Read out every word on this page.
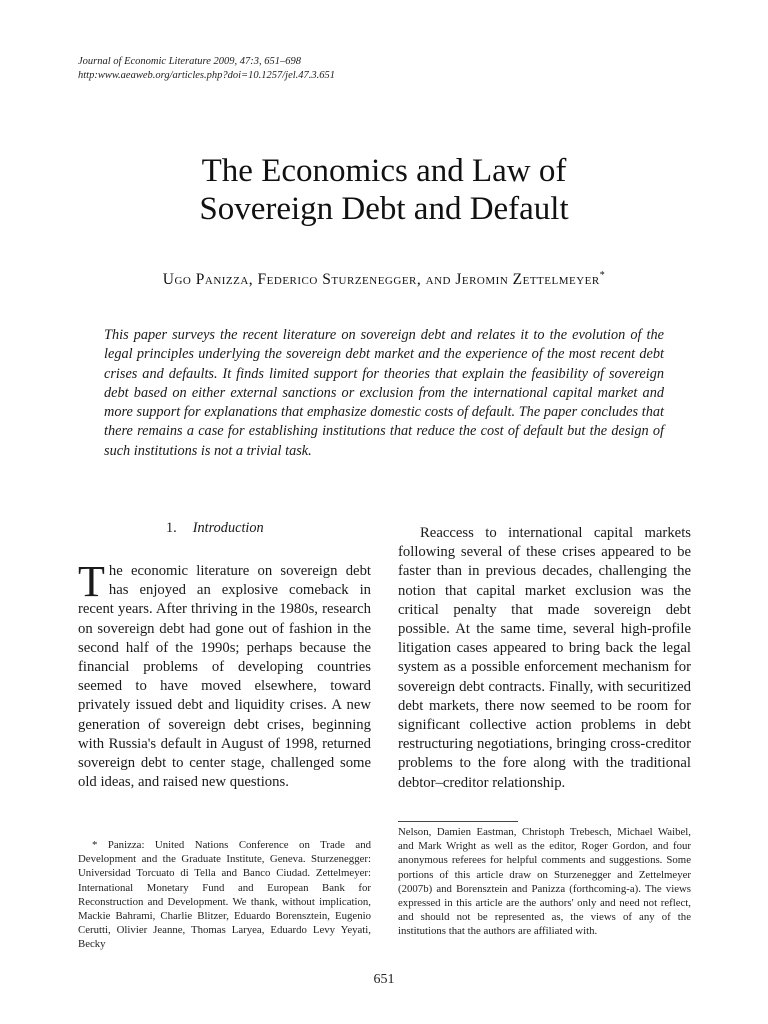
Journal of Economic Literature 2009, 47:3, 651–698
http:www.aeaweb.org/articles.php?doi=10.1257/jel.47.3.651
The Economics and Law of
Sovereign Debt and Default
Ugo Panizza, Federico Sturzenegger, and Jeromin Zettelmeyer*
This paper surveys the recent literature on sovereign debt and relates it to the evolution of the legal principles underlying the sovereign debt market and the experience of the most recent debt crises and defaults. It finds limited support for theories that explain the feasibility of sovereign debt based on either external sanctions or exclusion from the international capital market and more support for explanations that emphasize domestic costs of default. The paper concludes that there remains a case for establishing institutions that reduce the cost of default but the design of such institutions is not a trivial task.
1. Introduction
The economic literature on sovereign debt has enjoyed an explosive comeback in recent years. After thriving in the 1980s, research on sovereign debt had gone out of fashion in the second half of the 1990s; perhaps because the financial problems of developing countries seemed to have moved elsewhere, toward privately issued debt and liquidity crises. A new generation of sovereign debt crises, beginning with Russia's default in August of 1998, returned sovereign debt to center stage, challenged some old ideas, and raised new questions.
Reaccess to international capital markets following several of these crises appeared to be faster than in previous decades, challenging the notion that capital market exclusion was the critical penalty that made sovereign debt possible. At the same time, several high-profile litigation cases appeared to bring back the legal system as a possible enforcement mechanism for sovereign debt contracts. Finally, with securitized debt markets, there now seemed to be room for significant collective action problems in debt restructuring negotiations, bringing cross-creditor problems to the fore along with the traditional debtor–creditor relationship.
* Panizza: United Nations Conference on Trade and Development and the Graduate Institute, Geneva. Sturzenegger: Universidad Torcuato di Tella and Banco Ciudad. Zettelmeyer: International Monetary Fund and European Bank for Reconstruction and Development. We thank, without implication, Mackie Bahrami, Charlie Blitzer, Eduardo Borensztein, Eugenio Cerutti, Olivier Jeanne, Thomas Laryea, Eduardo Levy Yeyati, Becky
Nelson, Damien Eastman, Christoph Trebesch, Michael Waibel, and Mark Wright as well as the editor, Roger Gordon, and four anonymous referees for helpful comments and suggestions. Some portions of this article draw on Sturzenegger and Zettelmeyer (2007b) and Borensztein and Panizza (forthcoming-a). The views expressed in this article are the authors' only and need not reflect, and should not be represented as, the views of any of the institutions that the authors are affiliated with.
651
